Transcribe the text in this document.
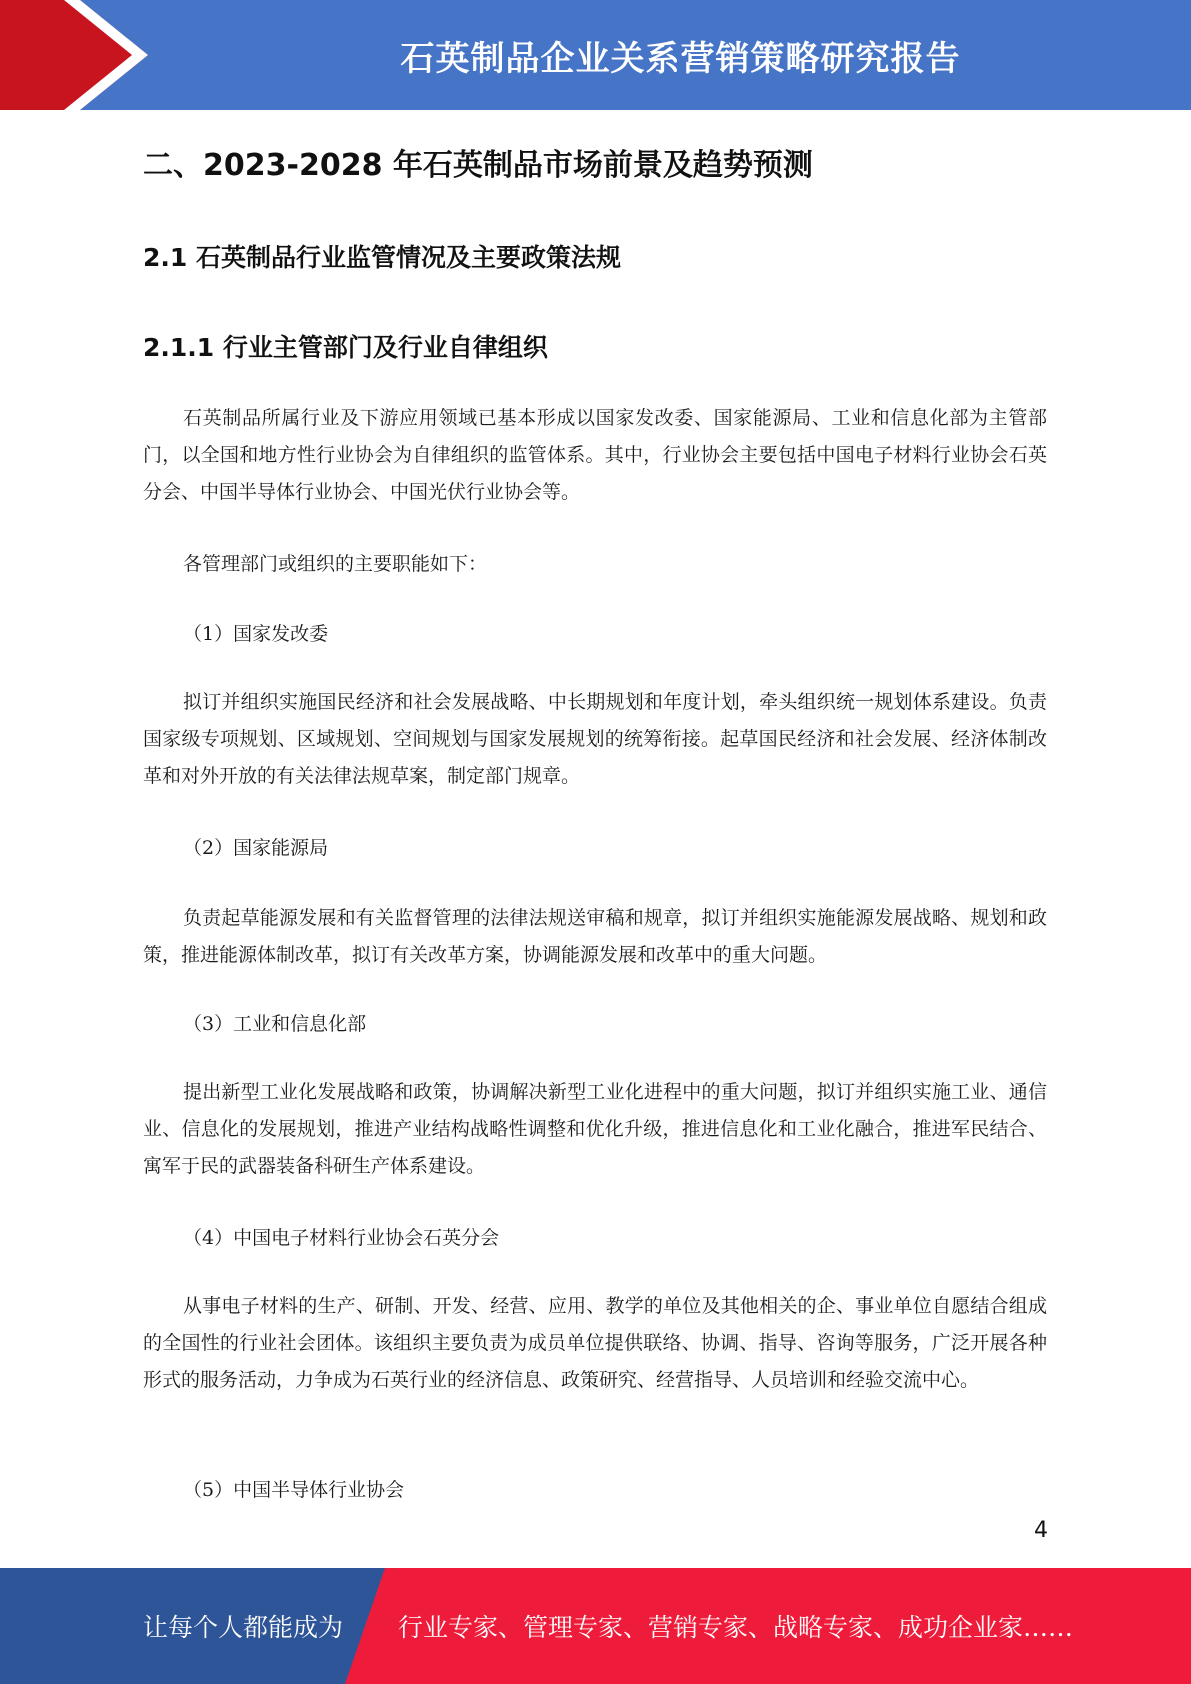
石英制品企业关系营销策略研究报告
二、2023-2028 年石英制品市场前景及趋势预测
2.1 石英制品行业监管情况及主要政策法规
2.1.1 行业主管部门及行业自律组织
石英制品所属行业及下游应用领域已基本形成以国家发改委、国家能源局、工业和信息化部为主管部门，以全国和地方性行业协会为自律组织的监管体系。其中，行业协会主要包括中国电子材料行业协会石英分会、中国半导体行业协会、中国光伏行业协会等。
各管理部门或组织的主要职能如下：
（1）国家发改委
拟订并组织实施国民经济和社会发展战略、中长期规划和年度计划，牵头组织统一规划体系建设。负责国家级专项规划、区域规划、空间规划与国家发展规划的统筹衔接。起草国民经济和社会发展、经济体制改革和对外开放的有关法律法规草案，制定部门规章。
（2）国家能源局
负责起草能源发展和有关监督管理的法律法规送审稿和规章，拟订并组织实施能源发展战略、规划和政策，推进能源体制改革，拟订有关改革方案，协调能源发展和改革中的重大问题。
（3）工业和信息化部
提出新型工业化发展战略和政策，协调解决新型工业化进程中的重大问题，拟订并组织实施工业、通信业、信息化的发展规划，推进产业结构战略性调整和优化升级，推进信息化和工业化融合，推进军民结合、寓军于民的武器装备科研生产体系建设。
（4）中国电子材料行业协会石英分会
从事电子材料的生产、研制、开发、经营、应用、教学的单位及其他相关的企、事业单位自愿结合组成的全国性的行业社会团体。该组织主要负责为成员单位提供联络、协调、指导、咨询等服务，广泛开展各种形式的服务活动，力争成为石英行业的经济信息、政策研究、经营指导、人员培训和经验交流中心。
（5）中国半导体行业协会
4
让每个人都能成为 行业专家、管理专家、营销专家、战略专家、成功企业家……
